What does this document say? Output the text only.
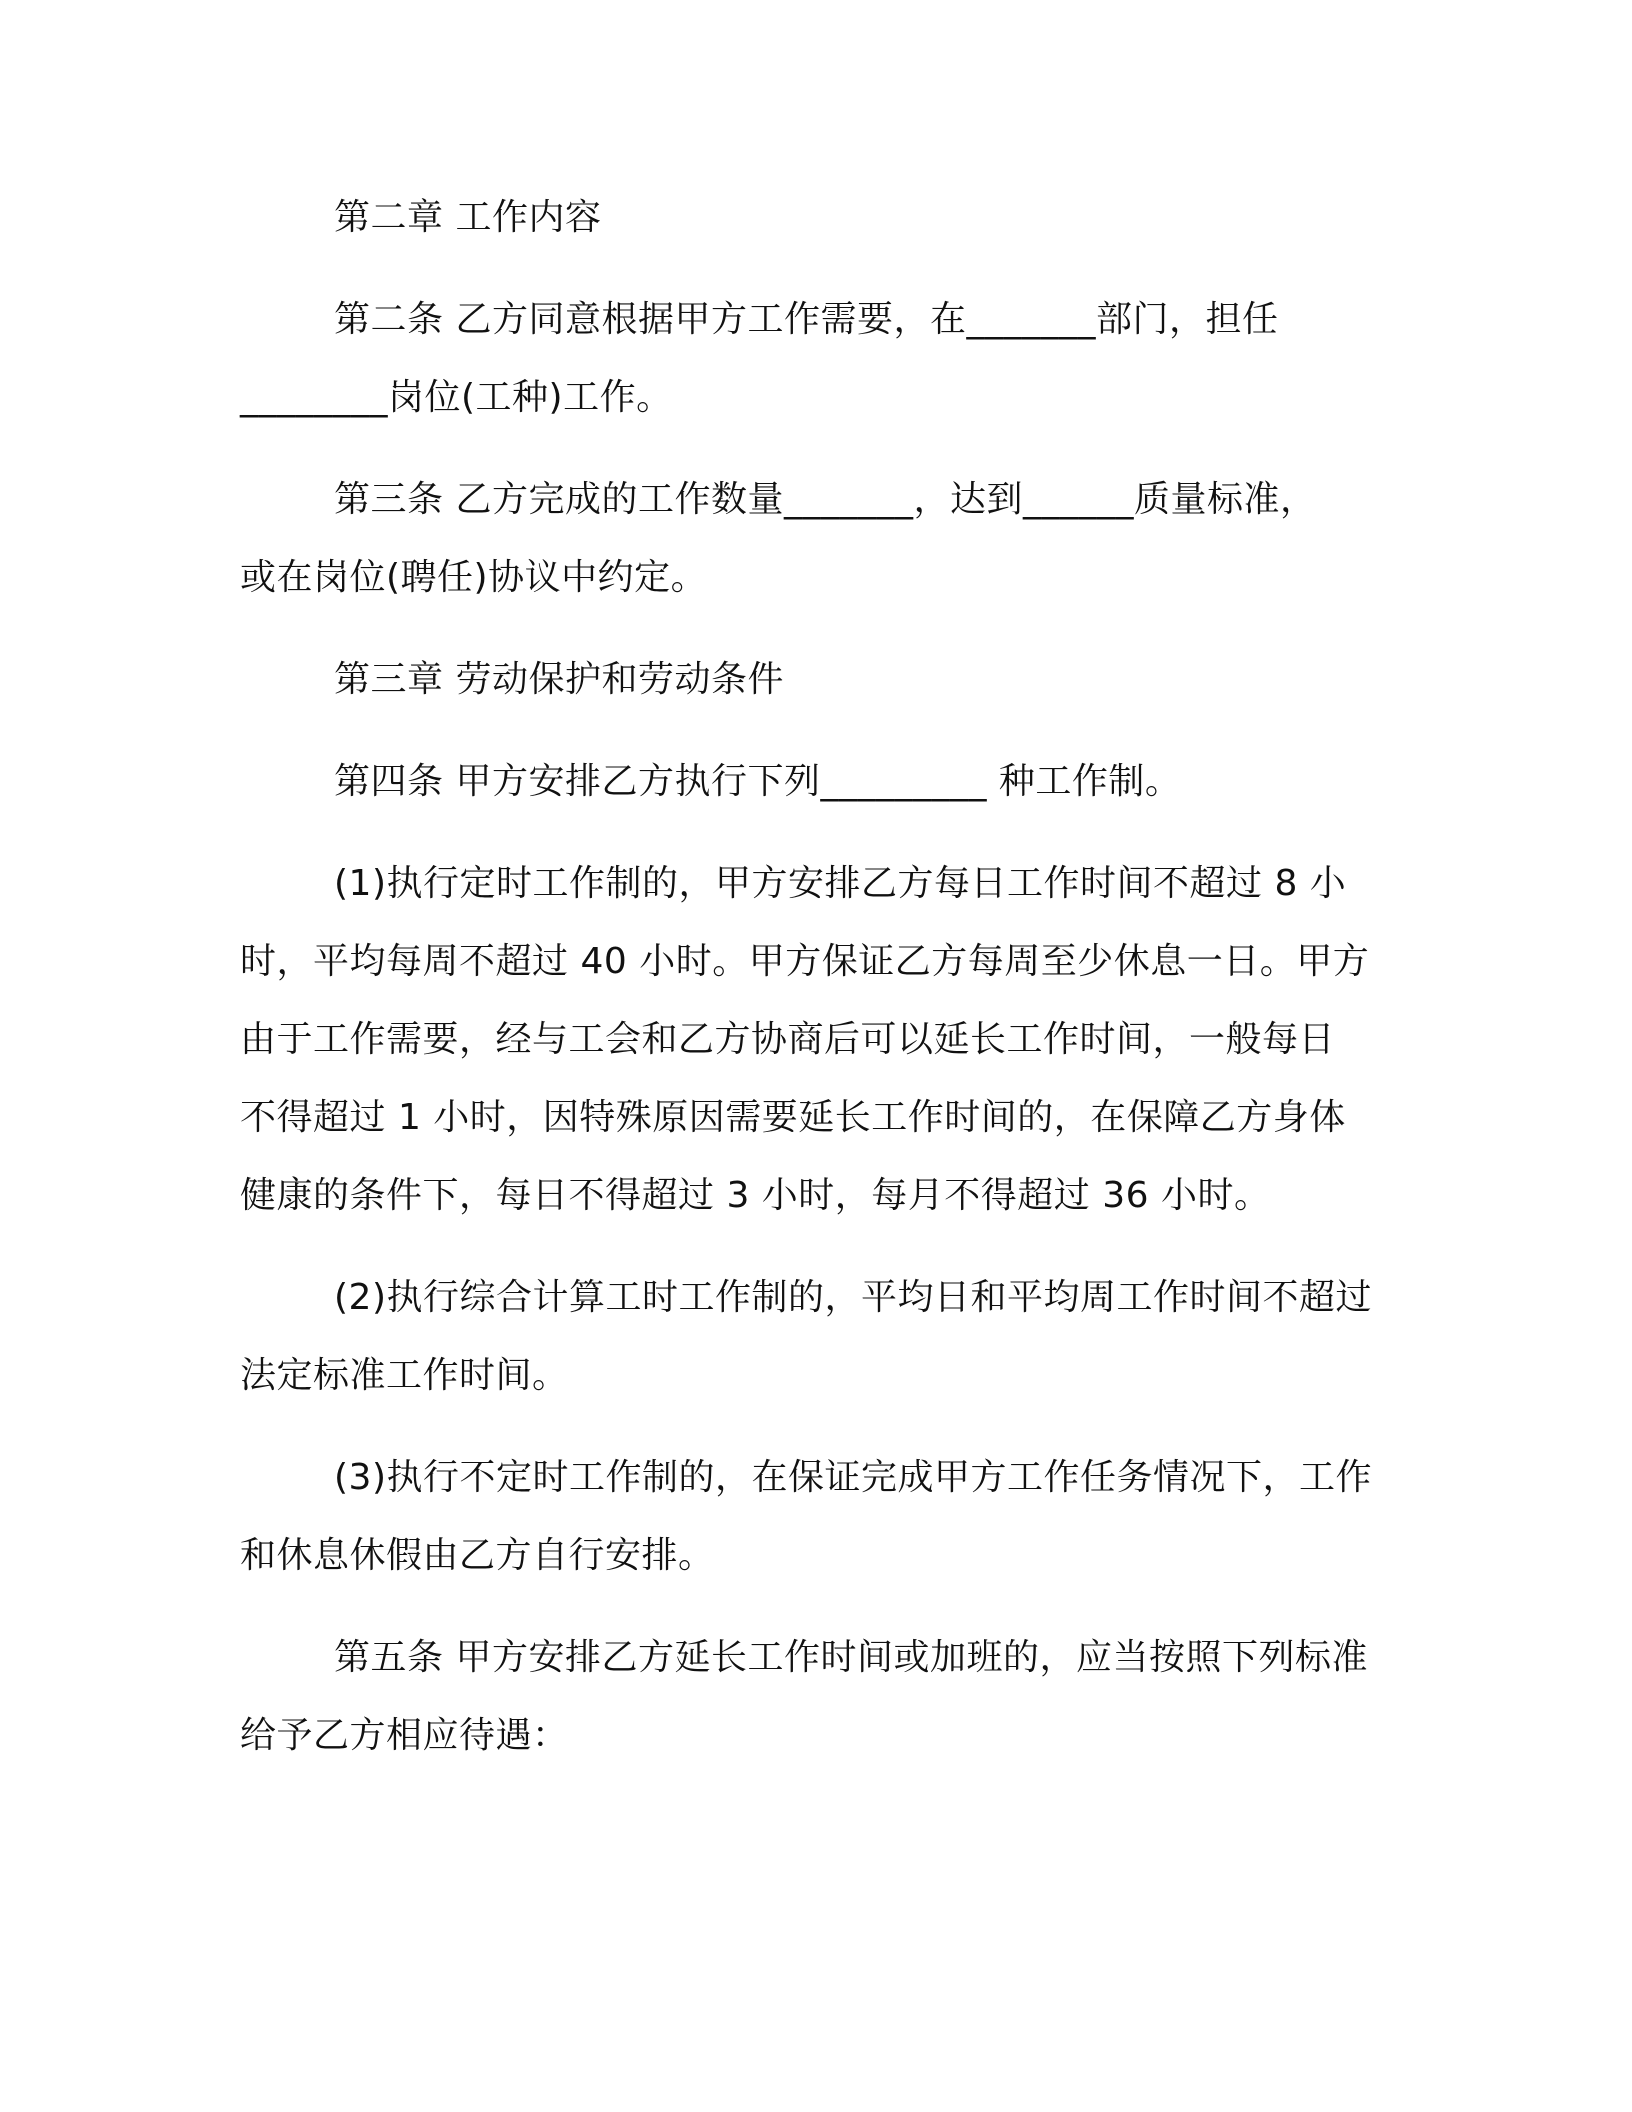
第二章 工作内容

第二条 乙方同意根据甲方工作需要，在_______部门，担任

________岗位(工种)工作。

第三条 乙方完成的工作数量_______，达到______质量标准，

或在岗位(聘任)协议中约定。

第三章 劳动保护和劳动条件

第四条 甲方安排乙方执行下列_________ 种工作制。

(1)执行定时工作制的，甲方安排乙方每日工作时间不超过 8 小

时，平均每周不超过 40 小时。甲方保证乙方每周至少休息一日。甲方

由于工作需要，经与工会和乙方协商后可以延长工作时间，一般每日

不得超过 1 小时，因特殊原因需要延长工作时间的，在保障乙方身体

健康的条件下，每日不得超过 3 小时，每月不得超过 36 小时。

(2)执行综合计算工时工作制的，平均日和平均周工作时间不超过

法定标准工作时间。

(3)执行不定时工作制的，在保证完成甲方工作任务情况下，工作

和休息休假由乙方自行安排。

第五条 甲方安排乙方延长工作时间或加班的，应当按照下列标准

给予乙方相应待遇：
